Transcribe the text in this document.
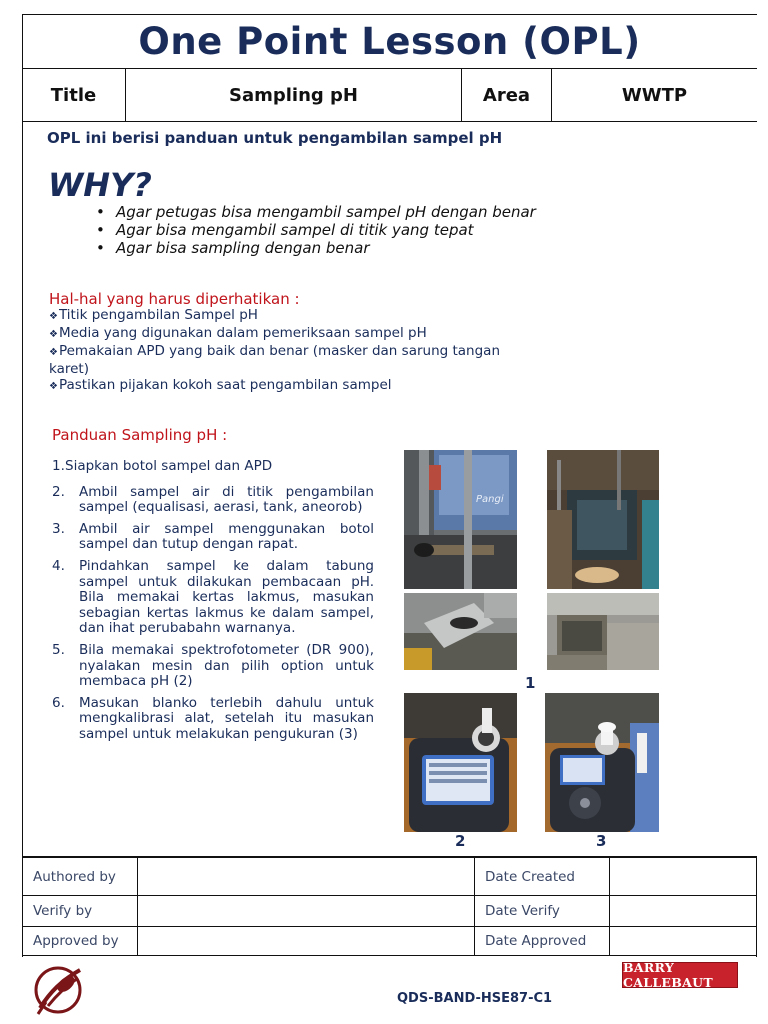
One Point Lesson (OPL)
Title	Sampling pH	Area	WWTP
OPL ini berisi panduan untuk pengambilan sampel pH
WHY?
• Agar petugas bisa mengambil sampel pH dengan benar
• Agar bisa mengambil sampel di titik yang tepat
• Agar bisa sampling dengan benar
Hal-hal yang harus diperhatikan :
❖ Titik pengambilan Sampel pH
❖ Media yang digunakan dalam pemeriksaan sampel pH
❖ Pemakaian APD yang baik dan benar (masker dan sarung tangan karet)
❖ Pastikan pijakan kokoh saat pengambilan sampel
Panduan Sampling pH :
1. Siapkan botol sampel dan APD
2.	Ambil sampel air di titik pengambilan sampel (equalisasi, aerasi, tank, aneorob)
3.	Ambil air sampel menggunakan botol sampel dan tutup dengan rapat.
4.	Pindahkan sampel ke dalam tabung sampel untuk dilakukan pembacaan pH. Bila memakai kertas lakmus, masukan sebagian kertas lakmus ke dalam sampel, dan ihat perubabahn warnanya.
5.	Bila memakai spektrofotometer (DR 900), nyalakan mesin dan pilih option untuk membaca pH (2)
6.	Masukan blanko terlebih dahulu untuk mengkalibrasi alat, setelah itu masukan sampel untuk melakukan pengukuran (3)
Pangi
1
2	3
Authored by	Date Created
Verify by	Date Verify
Approved by	Date Approved
QDS-BAND-HSE87-C1
BARRY CALLEBAUT
